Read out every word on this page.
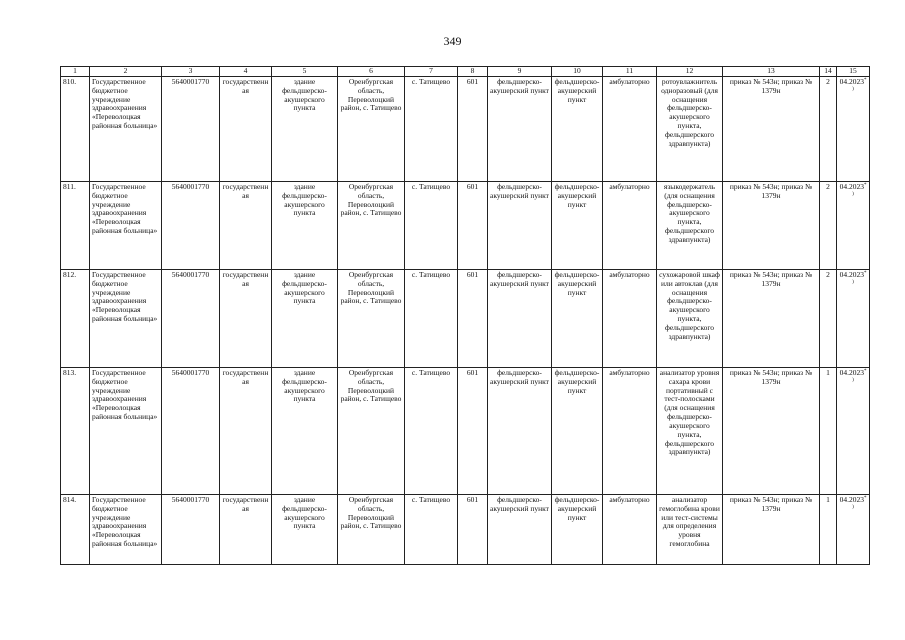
349
1	2	3	4	5	6	7	8	9	10	11	12	13	14	15
810.	Государственное бюджетное учреждение здравоохранения «Переволоцкая районная больница»	5640001770	государственная	здание фельдшерско-акушерского пункта	Оренбургская область, Переволоцкий район, с. Татищево	с. Татищево	601	фельдшерско-акушерский пункт	фельдшерско-акушерский пункт	амбулаторно	ротоувлажнитель одноразовый (для оснащения фельдшерско-акушерского пункта, фельдшерского здравпункта)	приказ № 543н; приказ № 1379н	2	04.2023*)
811.	Государственное бюджетное учреждение здравоохранения «Переволоцкая районная больница»	5640001770	государственная	здание фельдшерско-акушерского пункта	Оренбургская область, Переволоцкий район, с. Татищево	с. Татищево	601	фельдшерско-акушерский пункт	фельдшерско-акушерский пункт	амбулаторно	языкодержатель (для оснащения фельдшерско-акушерского пункта, фельдшерского здравпункта)	приказ № 543н; приказ № 1379н	2	04.2023*)
812.	Государственное бюджетное учреждение здравоохранения «Переволоцкая районная больница»	5640001770	государственная	здание фельдшерско-акушерского пункта	Оренбургская область, Переволоцкий район, с. Татищево	с. Татищево	601	фельдшерско-акушерский пункт	фельдшерско-акушерский пункт	амбулаторно	сухожаровой шкаф или автоклав (для оснащения фельдшерско-акушерского пункта, фельдшерского здравпункта)	приказ № 543н; приказ № 1379н	2	04.2023*)
813.	Государственное бюджетное учреждение здравоохранения «Переволоцкая районная больница»	5640001770	государственная	здание фельдшерско-акушерского пункта	Оренбургская область, Переволоцкий район, с. Татищево	с. Татищево	601	фельдшерско-акушерский пункт	фельдшерско-акушерский пункт	амбулаторно	анализатор уровня сахара крови портативный с тест-полосками (для оснащения фельдшерско-акушерского пункта, фельдшерского здравпункта)	приказ № 543н; приказ № 1379н	1	04.2023*)
814.	Государственное бюджетное учреждение здравоохранения «Переволоцкая районная больница»	5640001770	государственная	здание фельдшерско-акушерского пункта	Оренбургская область, Переволоцкий район, с. Татищево	с. Татищево	601	фельдшерско-акушерский пункт	фельдшерско-акушерский пункт	амбулаторно	анализатор гемоглобина крови или тест-системы для определения уровня гемоглобина	приказ № 543н; приказ № 1379н	1	04.2023*)
